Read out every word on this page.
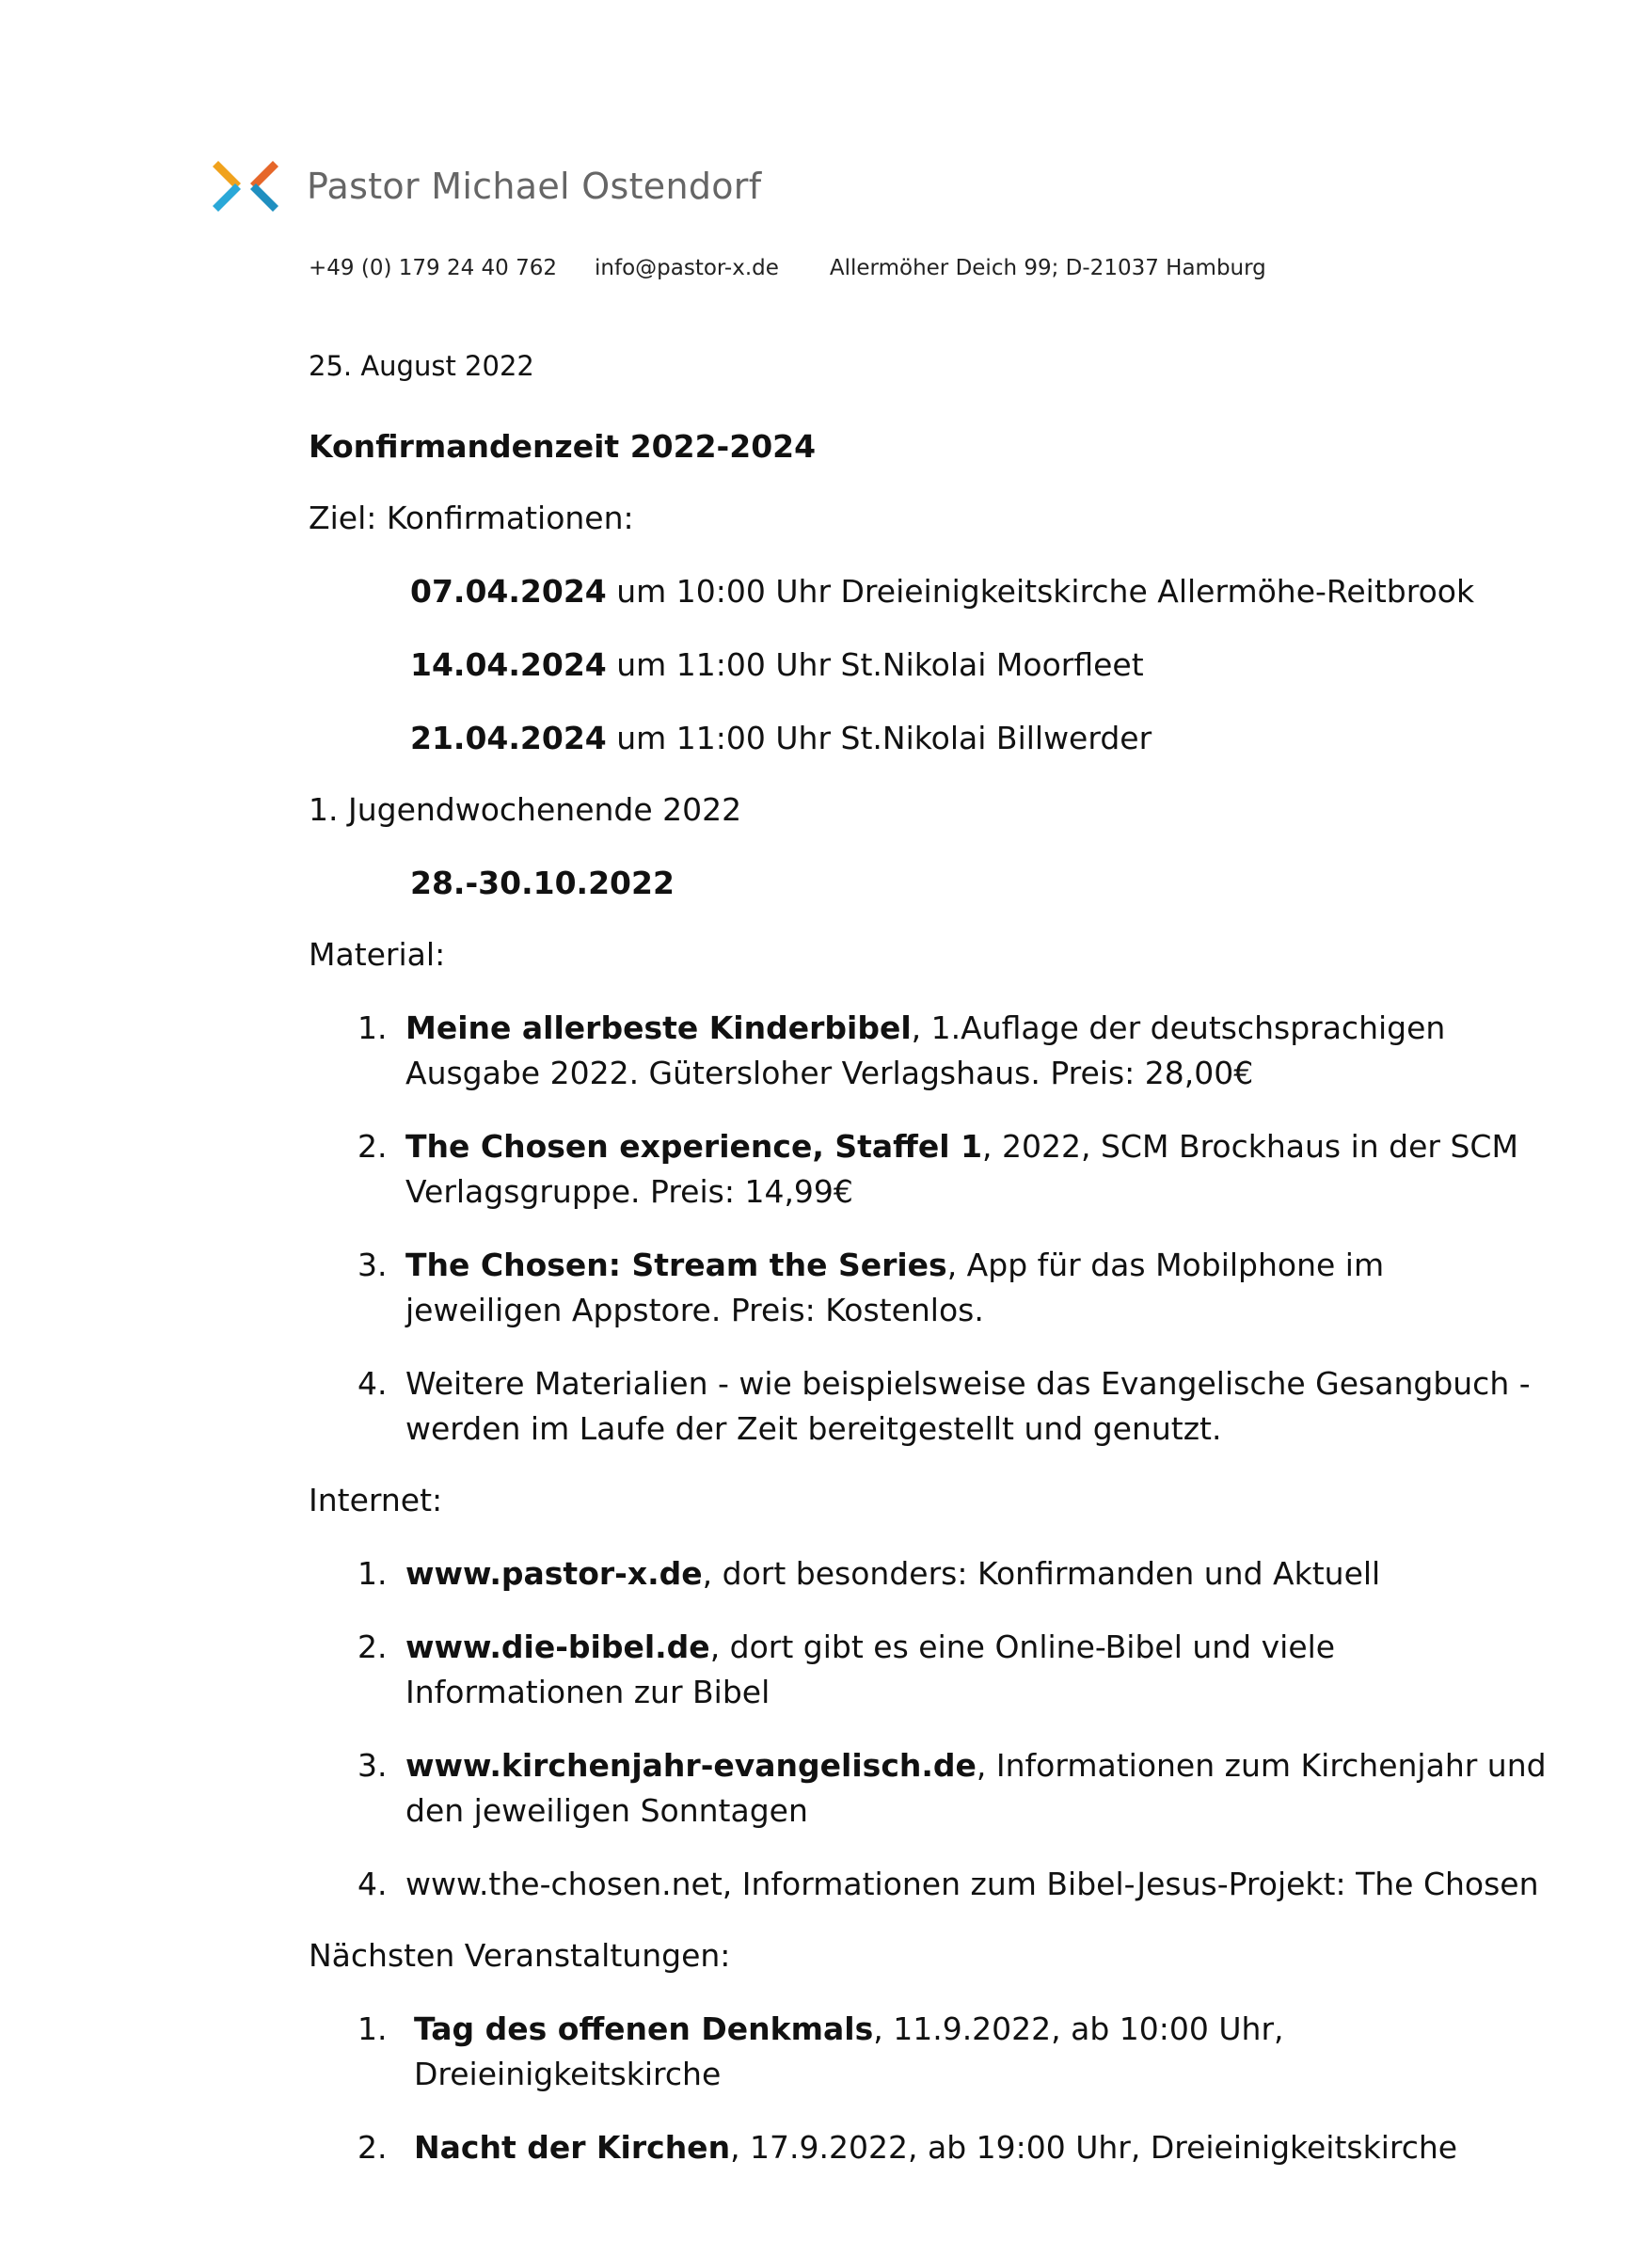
Pastor Michael Ostendorf
+49 (0) 179 24 40 762 info@pastor-x.de Allermöher Deich 99; D-21037 Hamburg

25. August 2022

Konfirmandenzeit 2022-2024

Ziel: Konfirmationen:

07.04.2024 um 10:00 Uhr Dreieinigkeitskirche Allermöhe-Reitbrook

14.04.2024 um 11:00 Uhr St.Nikolai Moorfleet

21.04.2024 um 11:00 Uhr St.Nikolai Billwerder

1. Jugendwochenende 2022

28.-30.10.2022

Material:

1. Meine allerbeste Kinderbibel, 1.Auflage der deutschsprachigen Ausgabe 2022. Gütersloher Verlagshaus. Preis: 28,00€
2. The Chosen experience, Staffel 1, 2022, SCM Brockhaus in der SCM Verlagsgruppe. Preis: 14,99€
3. The Chosen: Stream the Series, App für das Mobilphone im jeweiligen Appstore. Preis: Kostenlos.
4. Weitere Materialien - wie beispielsweise das Evangelische Gesangbuch - werden im Laufe der Zeit bereitgestellt und genutzt.

Internet:

1. www.pastor-x.de, dort besonders: Konfirmanden und Aktuell
2. www.die-bibel.de, dort gibt es eine Online-Bibel und viele Informationen zur Bibel
3. www.kirchenjahr-evangelisch.de, Informationen zum Kirchenjahr und den jeweiligen Sonntagen
4. www.the-chosen.net, Informationen zum Bibel-Jesus-Projekt: The Chosen

Nächsten Veranstaltungen:

1. Tag des offenen Denkmals, 11.9.2022, ab 10:00 Uhr, Dreieinigkeitskirche
2. Nacht der Kirchen, 17.9.2022, ab 19:00 Uhr, Dreieinigkeitskirche
